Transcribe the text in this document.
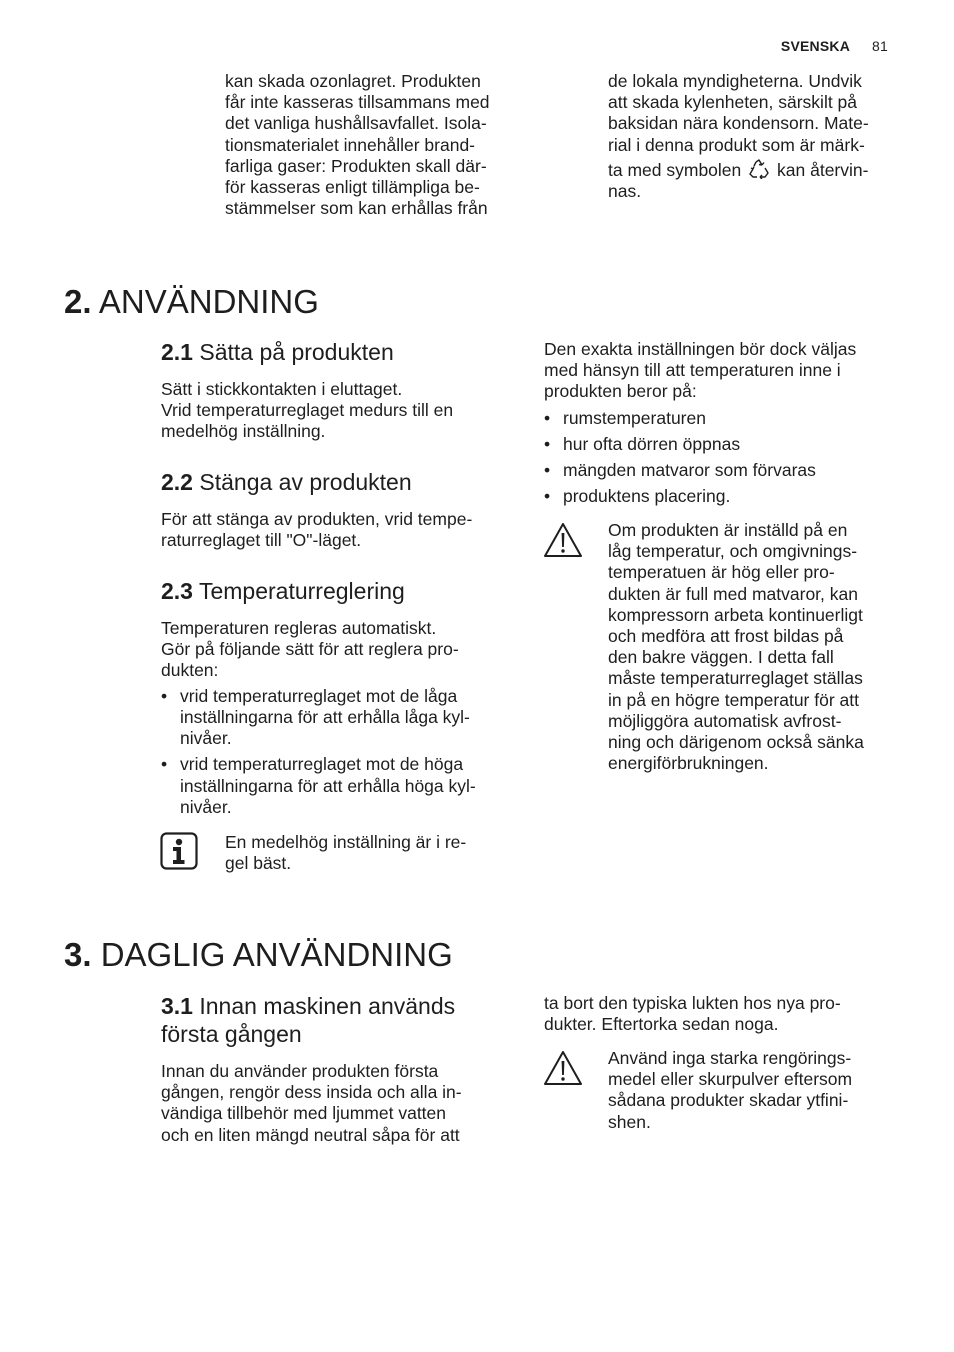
SVENSKA 81
kan skada ozonlagret. Produkten
får inte kasseras tillsammans med
det vanliga hushållsavfallet. Isola-
tionsmaterialet innehåller brand-
farliga gaser: Produkten skall där-
för kasseras enligt tillämpliga be-
stämmelser som kan erhållas från
de lokala myndigheterna. Undvik
att skada kylenheten, särskilt på
baksidan nära kondensorn. Mate-
rial i denna produkt som är märk-
ta med symbolen kan återvin-
nas.
2. ANVÄNDNING
2.1 Sätta på produkten
Sätt i stickkontakten i eluttaget.
Vrid temperaturreglaget medurs till en
medelhög inställning.
2.2 Stänga av produkten
För att stänga av produkten, vrid tempe-
raturreglaget till "O"-läget.
2.3 Temperaturreglering
Temperaturen regleras automatiskt.
Gör på följande sätt för att reglera pro-
dukten:
• vrid temperaturreglaget mot de låga
inställningarna för att erhålla låga kyl-
nivåer.
• vrid temperaturreglaget mot de höga
inställningarna för att erhålla höga kyl-
nivåer.
En medelhög inställning är i re-
gel bäst.
Den exakta inställningen bör dock väljas
med hänsyn till att temperaturen inne i
produkten beror på:
• rumstemperaturen
• hur ofta dörren öppnas
• mängden matvaror som förvaras
• produktens placering.
Om produkten är inställd på en
låg temperatur, och omgivnings-
temperatuen är hög eller pro-
dukten är full med matvaror, kan
kompressorn arbeta kontinuerligt
och medföra att frost bildas på
den bakre väggen. I detta fall
måste temperaturreglaget ställas
in på en högre temperatur för att
möjliggöra automatisk avfrost-
ning och därigenom också sänka
energiförbrukningen.
3. DAGLIG ANVÄNDNING
3.1 Innan maskinen används
första gången
Innan du använder produkten första
gången, rengör dess insida och alla in-
vändiga tillbehör med ljummet vatten
och en liten mängd neutral såpa för att
ta bort den typiska lukten hos nya pro-
dukter. Eftertorka sedan noga.
Använd inga starka rengörings-
medel eller skurpulver eftersom
sådana produkter skadar ytfini-
shen.
